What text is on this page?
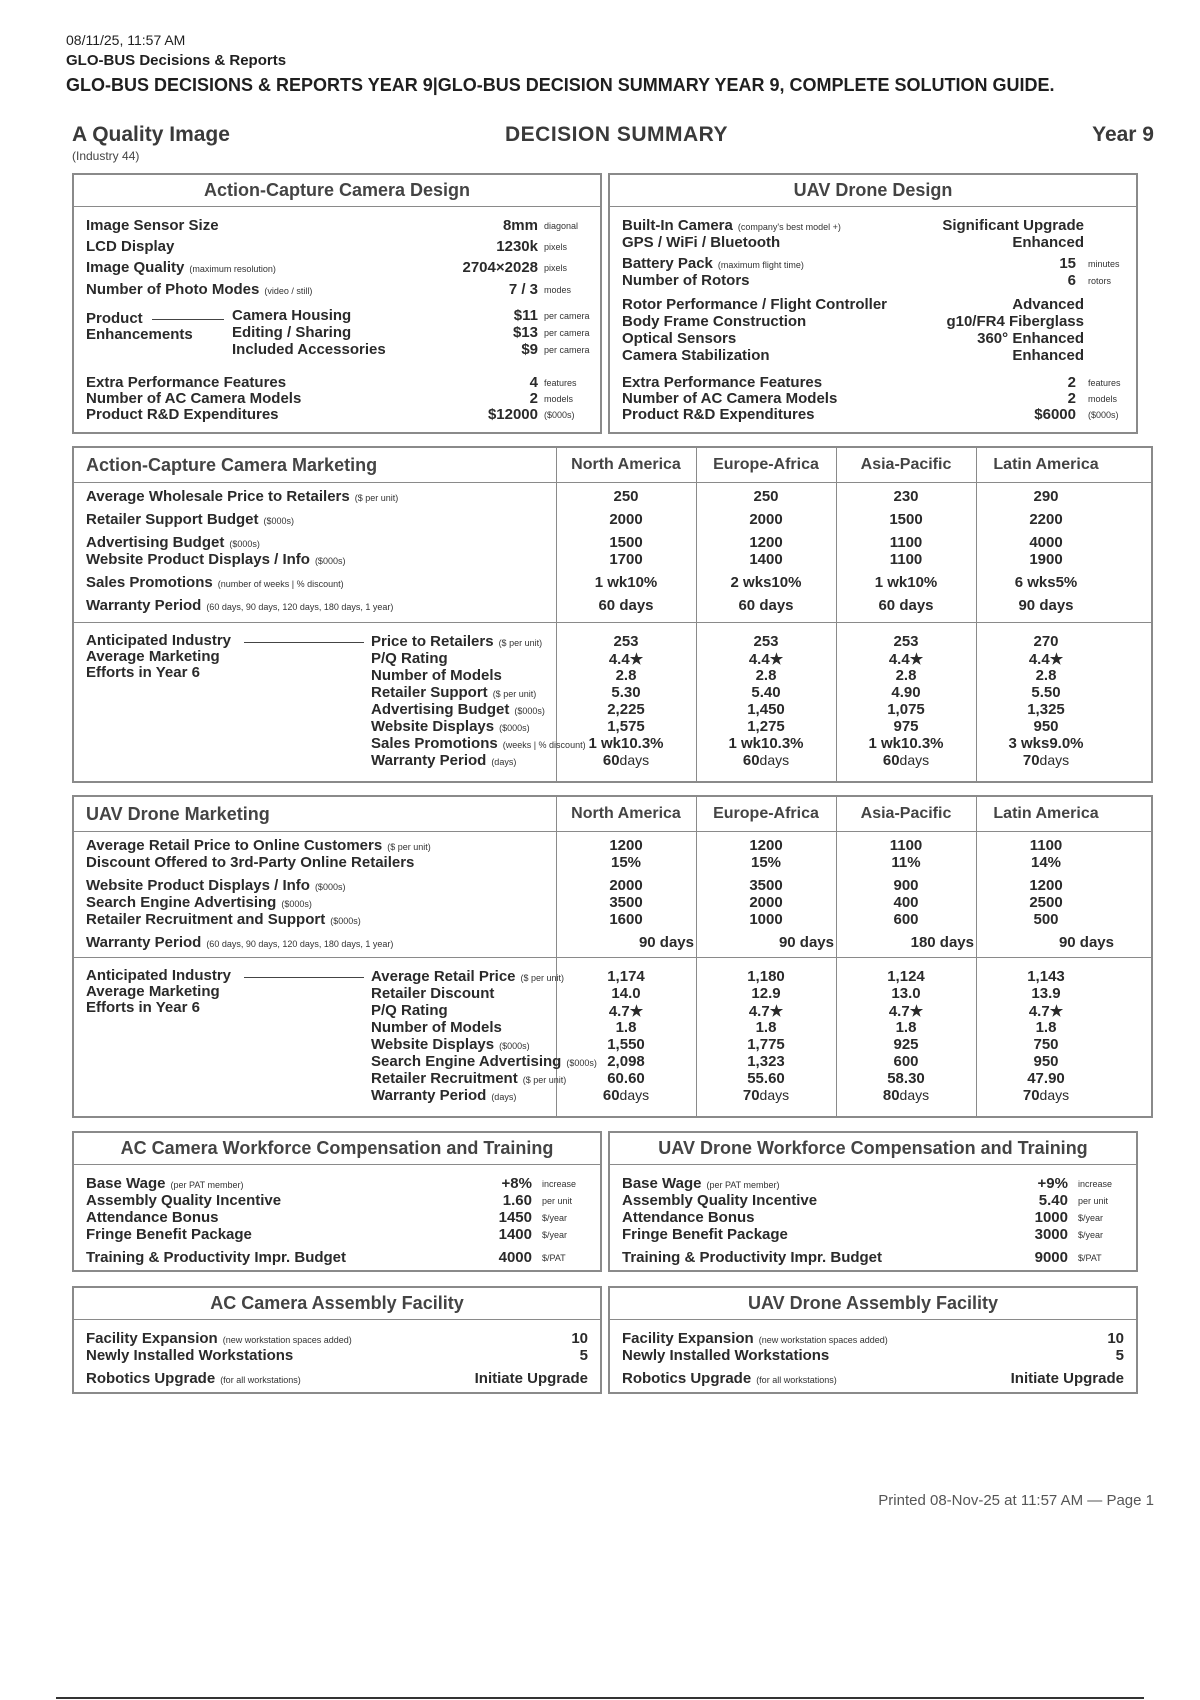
08/11/25, 11:57 AM
GLO-BUS Decisions & Reports
GLO-BUS DECISIONS & REPORTS YEAR 9|GLO-BUS DECISION SUMMARY YEAR 9, COMPLETE SOLUTION GUIDE.
A Quality Image
(Industry 44)
DECISION SUMMARY	Year 9
Action-Capture Camera Design
Image Sensor Size	8mm diagonal
LCD Display	1230k pixels
Image Quality (maximum resolution)	2704×2028 pixels
Number of Photo Modes (video / still)	7 / 3 modes
Product
Enhancements
Camera Housing	$11 per camera
Editing / Sharing	$13 per camera
Included Accessories	$9 per camera
Extra Performance Features	4 features
Number of AC Camera Models	2 models
Product R&D Expenditures	$12000 ($000s)
UAV Drone Design
Built-In Camera (company's best model +)	Significant Upgrade
GPS / WiFi / Bluetooth	Enhanced
Battery Pack (maximum flight time)	15 minutes
Number of Rotors	6 rotors
Rotor Performance / Flight Controller	Advanced
Body Frame Construction	g10/FR4 Fiberglass
Optical Sensors	360° Enhanced
Camera Stabilization	Enhanced
Extra Performance Features	2 features
Number of AC Camera Models	2 models
Product R&D Expenditures	$6000 ($000s)
Action-Capture Camera Marketing	North America	Europe-Africa	Asia-Pacific	Latin America
Average Wholesale Price to Retailers ($ per unit)	250	250	230	290
Retailer Support Budget ($000s)	2000	2000	1500	2200
Advertising Budget ($000s)	1500	1200	1100	4000
Website Product Displays / Info ($000s)	1700	1400	1100	1900
Sales Promotions (number of weeks | % discount)	1 wk10%	2 wks10%	1 wk10%	6 wks5%
Warranty Period (60 days, 90 days, 120 days, 180 days, 1 year)	60 days	60 days	60 days	90 days
Anticipated Industry
Average Marketing
Efforts in Year 6
Price to Retailers ($ per unit)	253	253	253	270
P/Q Rating	4.4★	4.4★	4.4★	4.4★
Number of Models	2.8	2.8	2.8	2.8
Retailer Support ($ per unit)	5.30	5.40	4.90	5.50
Advertising Budget ($000s)	2,225	1,450	1,075	1,325
Website Displays ($000s)	1,575	1,275	975	950
Sales Promotions (weeks | % discount) 1 wk10.3%	1 wk10.3%	1 wk10.3%	3 wks9.0%
Warranty Period (days)	60days	60days	60days	70days
UAV Drone Marketing	North America	Europe-Africa	Asia-Pacific	Latin America
Average Retail Price to Online Customers ($ per unit)	1200	1200	1100	1100
Discount Offered to 3rd-Party Online Retailers	15%	15%	11%	14%
Website Product Displays / Info ($000s)	2000	3500	900	1200
Search Engine Advertising ($000s)	3500	2000	400	2500
Retailer Recruitment and Support ($000s)	1600	1000	600	500
Warranty Period (60 days, 90 days, 120 days, 180 days, 1 year)	90 days	90 days	180 days	90 days
Anticipated Industry
Average Marketing
Efforts in Year 6
Average Retail Price ($ per unit)	1,174	1,180	1,124	1,143
Retailer Discount	14.0	12.9	13.0	13.9
P/Q Rating	4.7★	4.7★	4.7★	4.7★
Number of Models	1.8	1.8	1.8	1.8
Website Displays ($000s)	1,550	1,775	925	750
Search Engine Advertising ($000s) 2,098	1,323	600	950
Retailer Recruitment ($ per unit)	60.60	55.60	58.30	47.90
Warranty Period (days)	60days	70days	80days	70days
AC Camera Workforce Compensation and Training
Base Wage (per PAT member)	+8% increase
Assembly Quality Incentive	1.60 per unit
Attendance Bonus	1450 $/year
Fringe Benefit Package	1400 $/year
Training & Productivity Impr. Budget	4000 $/PAT
UAV Drone Workforce Compensation and Training
Base Wage (per PAT member)	+9% increase
Assembly Quality Incentive	5.40 per unit
Attendance Bonus	1000 $/year
Fringe Benefit Package	3000 $/year
Training & Productivity Impr. Budget	9000 $/PAT
AC Camera Assembly Facility
Facility Expansion (new workstation spaces added)	10
Newly Installed Workstations	5
Robotics Upgrade (for all workstations)	Initiate Upgrade
UAV Drone Assembly Facility
Facility Expansion (new workstation spaces added)	10
Newly Installed Workstations	5
Robotics Upgrade (for all workstations)	Initiate Upgrade
Printed 08-Nov-25 at 11:57 AM — Page 1
